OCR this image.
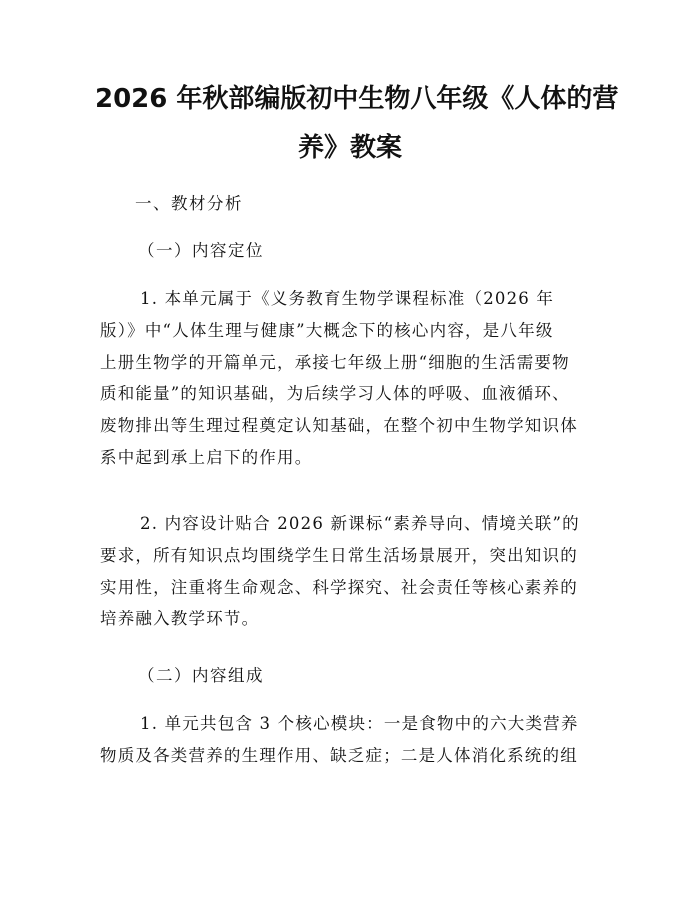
2026 年秋部编版初中生物八年级《人体的营
养》教案

一、教材分析

（一）内容定位

1. 本单元属于《义务教育生物学课程标准（2026 年
版）》中“人体生理与健康”大概念下的核心内容，是八年级
上册生物学的开篇单元，承接七年级上册“细胞的生活需要物
质和能量”的知识基础，为后续学习人体的呼吸、血液循环、
废物排出等生理过程奠定认知基础，在整个初中生物学知识体
系中起到承上启下的作用。

2. 内容设计贴合 2026 新课标“素养导向、情境关联”的
要求，所有知识点均围绕学生日常生活场景展开，突出知识的
实用性，注重将生命观念、科学探究、社会责任等核心素养的
培养融入教学环节。

（二）内容组成

1. 单元共包含 3 个核心模块：一是食物中的六大类营养
物质及各类营养的生理作用、缺乏症；二是人体消化系统的组
